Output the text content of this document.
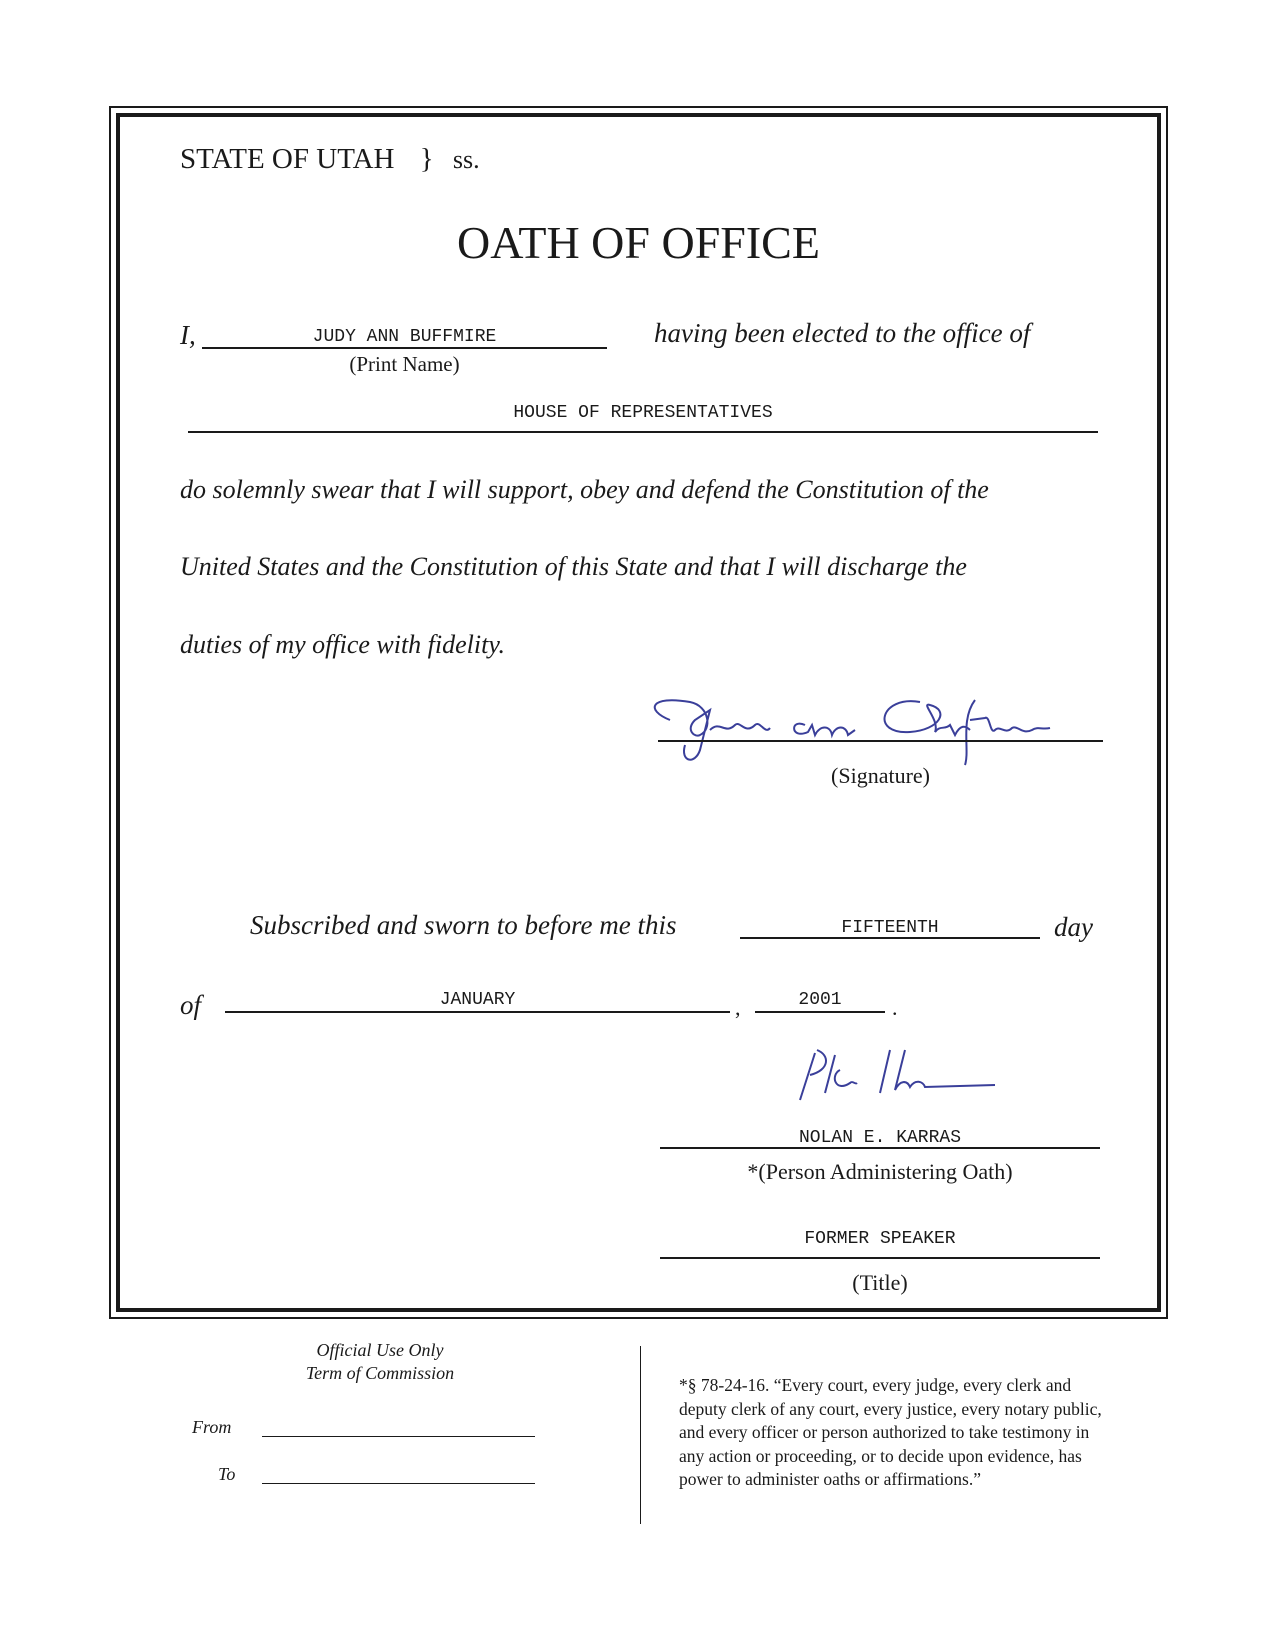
STATE OF UTAH } ss.
OATH OF OFFICE
I,	JUDY ANN BUFFMIRE
(Print Name)
having been elected to the office of
HOUSE OF REPRESENTATIVES
do solemnly swear that I will support, obey and defend the Constitution of the
United States and the Constitution of this State and that I will discharge the
duties of my office with fidelity.
(Signature)
Subscribed and sworn to before me this	FIFTEENTH	day
of	JANUARY	,	2001	.
NOLAN E. KARRAS
*(Person Administering Oath)
FORMER SPEAKER
(Title)
Official Use Only
Term of Commission
From
To
*§ 78-24-16. “Every court, every judge, every clerk and
deputy clerk of any court, every justice, every notary public,
and every officer or person authorized to take testimony in
any action or proceeding, or to decide upon evidence, has
power to administer oaths or affirmations.”
